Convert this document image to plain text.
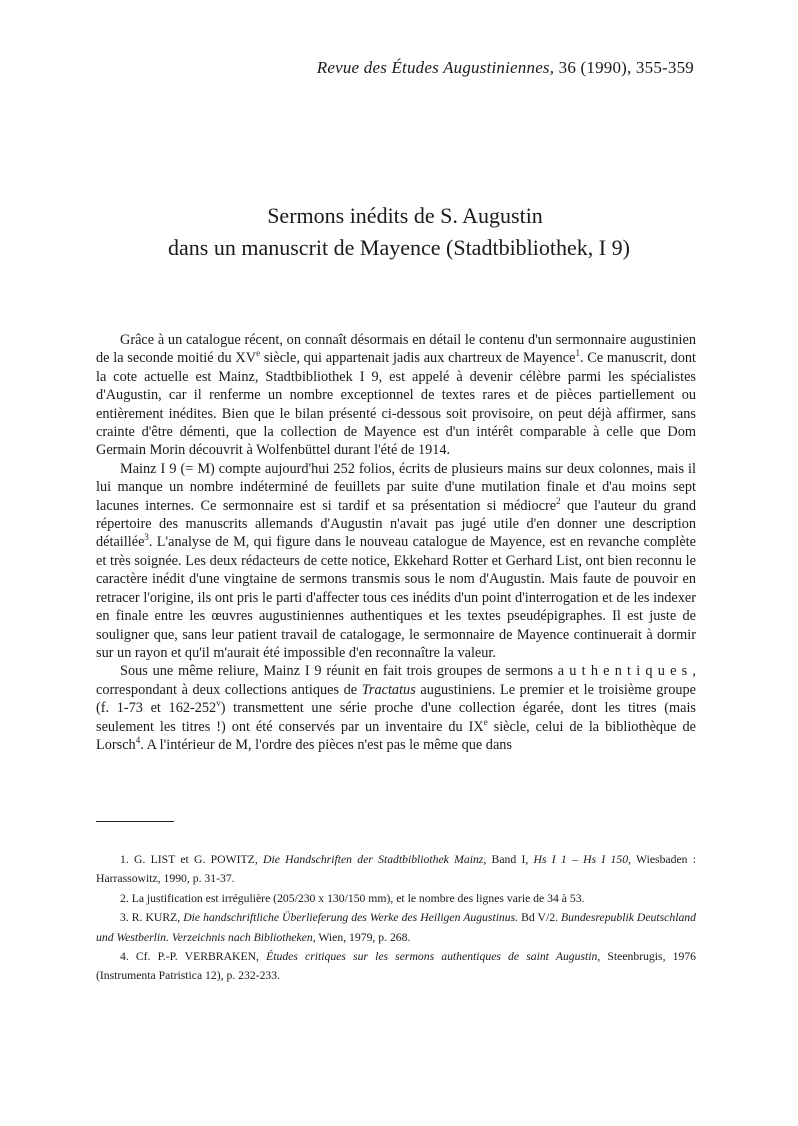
Revue des Études Augustiniennes, 36 (1990), 355-359
Sermons inédits de S. Augustin
dans un manuscrit de Mayence (Stadtbibliothek, I 9)

Grâce à un catalogue récent, on connaît désormais en détail le contenu d'un sermonnaire augustinien de la seconde moitié du XVe siècle, qui appartenait jadis aux chartreux de Mayence$^1$. Ce manuscrit, dont la cote actuelle est Mainz, Stadtbibliothek I 9, est appelé à devenir célèbre parmi les spécialistes d'Augustin, car il renferme un nombre exceptionnel de textes rares et de pièces partiellement ou entièrement inédites. Bien que le bilan présenté ci-dessous soit provisoire, on peut déjà affirmer, sans crainte d'être démenti, que la collection de Mayence est d'un intérêt comparable à celle que Dom Germain Morin découvrit à Wolfenbüttel durant l'été de 1914.

Mainz I 9 (= M) compte aujourd'hui 252 folios, écrits de plusieurs mains sur deux colonnes, mais il lui manque un nombre indéterminé de feuillets par suite d'une mutilation finale et d'au moins sept lacunes internes. Ce sermonnaire est si tardif et sa présentation si médiocre$^2$ que l'auteur du grand répertoire des manuscrits allemands d'Augustin n'avait pas jugé utile d'en donner une description détaillée$^3$. L'analyse de M, qui figure dans le nouveau catalogue de Mayence, est en revanche complète et très soignée. Les deux rédacteurs de cette notice, Ekkehard Rotter et Gerhard List, ont bien reconnu le caractère inédit d'une vingtaine de sermons transmis sous le nom d'Augustin. Mais faute de pouvoir en retracer l'origine, ils ont pris le parti d'affecter tous ces inédits d'un point d'interrogation et de les indexer en finale entre les œuvres augustiniennes authentiques et les textes pseudépigraphes. Il est juste de souligner que, sans leur patient travail de catalogage, le sermonnaire de Mayence continuerait à dormir sur un rayon et qu'il m'aurait été impossible d'en reconnaître la valeur.

Sous une même reliure, Mainz I 9 réunit en fait trois groupes de sermons authentiques, correspondant à deux collections antiques de Tractatus augustiniens. Le premier et le troisième groupe (f. 1-73 et 162-252$^v$) transmettent une série proche d'une collection égarée, dont les titres (mais seulement les titres !) ont été conservés par un inventaire du IXe siècle, celui de la bibliothèque de Lorsch$^4$. A l'intérieur de M, l'ordre des pièces n'est pas le même que dans

1. G. LIST et G. POWITZ, Die Handschriften der Stadtbibliothek Mainz, Band I, Hs I 1 – Hs I 150, Wiesbaden : Harrassowitz, 1990, p. 31-37.

2. La justification est irrégulière (205/230 x 130/150 mm), et le nombre des lignes varie de 34 à 53.

3. R. KURZ, Die handschriftliche Überlieferung des Werke des Heiligen Augustinus. Bd V/2. Bundesrepublik Deutschland und Westberlin. Verzeichnis nach Bibliotheken, Wien, 1979, p. 268.

4. Cf. P.-P. VERBRAKEN, Études critiques sur les sermons authentiques de saint Augustin, Steenbrugis, 1976 (Instrumenta Patristica 12), p. 232-233.
